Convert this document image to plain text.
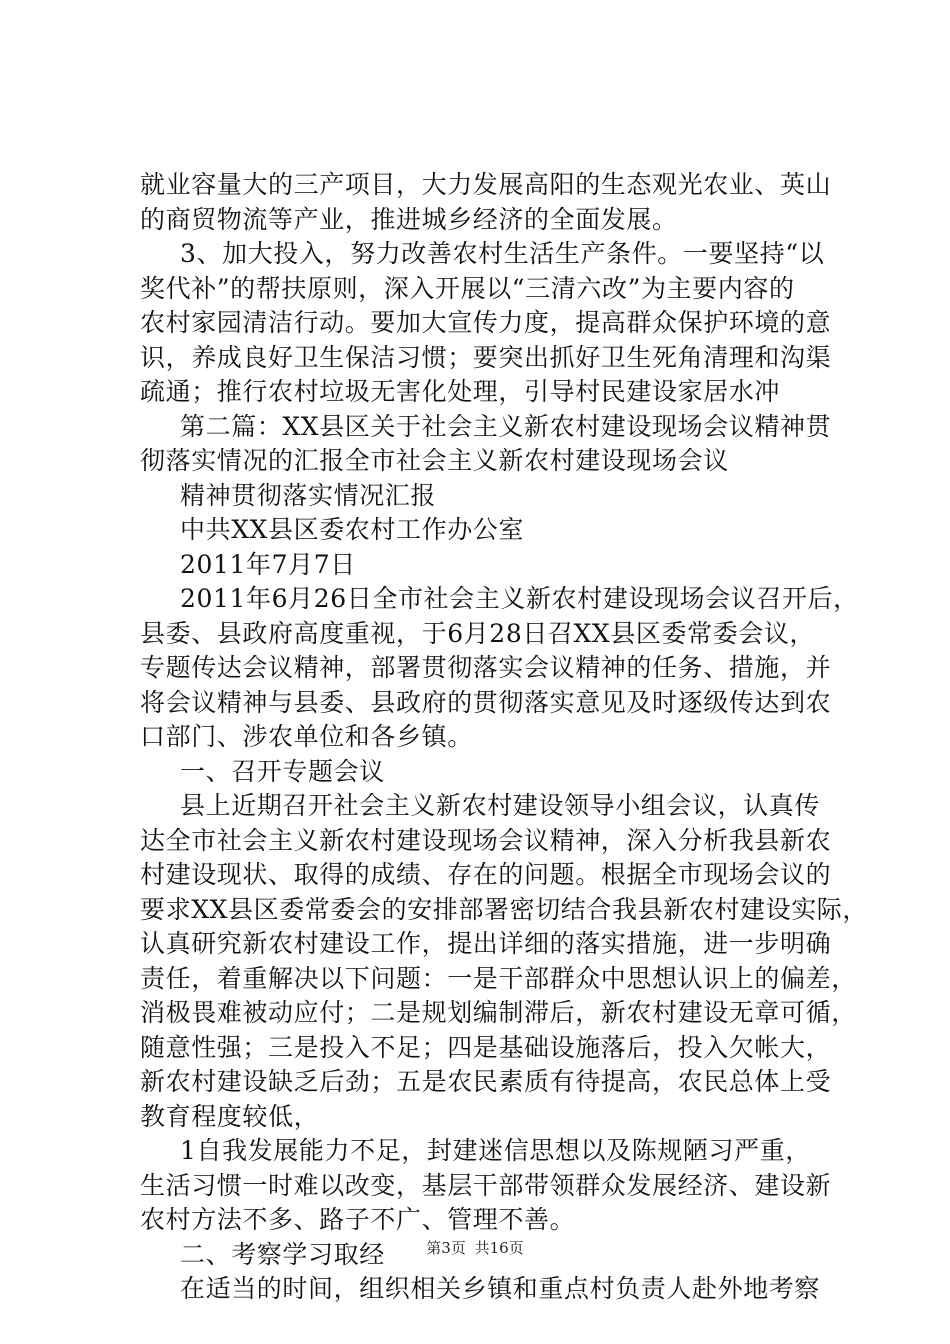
就业容量大的三产项目，大力发展高阳的生态观光农业、英山
的商贸物流等产业，推进城乡经济的全面发展。
3、加大投入，努力改善农村生活生产条件。一要坚持“以
奖代补”的帮扶原则，深入开展以“三清六改”为主要内容的
农村家园清洁行动。要加大宣传力度，提高群众保护环境的意
识，养成良好卫生保洁习惯；要突出抓好卫生死角清理和沟渠
疏通；推行农村垃圾无害化处理，引导村民建设家居水冲
第二篇：XX县区关于社会主义新农村建设现场会议精神贯
彻落实情况的汇报全市社会主义新农村建设现场会议
精神贯彻落实情况汇报
中共XX县区委农村工作办公室
2011年7月7日
2011年6月26日全市社会主义新农村建设现场会议召开后，
县委、县政府高度重视，于6月28日召XX县区委常委会议，
专题传达会议精神，部署贯彻落实会议精神的任务、措施，并
将会议精神与县委、县政府的贯彻落实意见及时逐级传达到农
口部门、涉农单位和各乡镇。
一、召开专题会议
县上近期召开社会主义新农村建设领导小组会议，认真传
达全市社会主义新农村建设现场会议精神，深入分析我县新农
村建设现状、取得的成绩、存在的问题。根据全市现场会议的
要求XX县区委常委会的安排部署密切结合我县新农村建设实际，
认真研究新农村建设工作，提出详细的落实措施，进一步明确
责任，着重解决以下问题：一是干部群众中思想认识上的偏差，
消极畏难被动应付；二是规划编制滞后，新农村建设无章可循，
随意性强；三是投入不足；四是基础设施落后，投入欠帐大，
新农村建设缺乏后劲；五是农民素质有待提高，农民总体上受
教育程度较低，
1自我发展能力不足，封建迷信思想以及陈规陋习严重，
生活习惯一时难以改变，基层干部带领群众发展经济、建设新
农村方法不多、路子不广、管理不善。
二、考察学习取经
在适当的时间，组织相关乡镇和重点村负责人赴外地考察
第3页 共16页
